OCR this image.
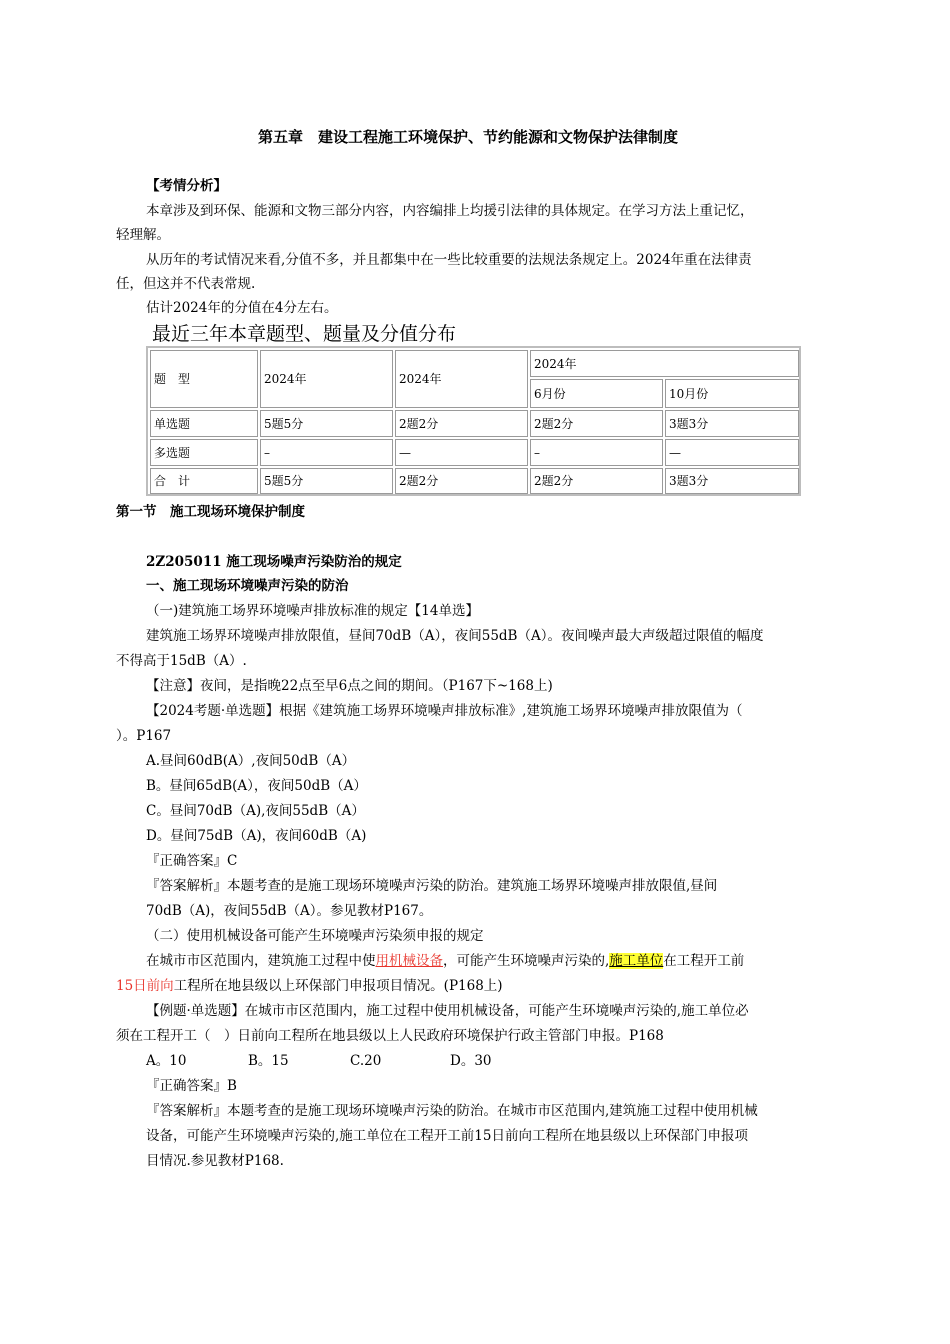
第五章　建设工程施工环境保护、节约能源和文物保护法律制度
【考情分析】
本章涉及到环保、能源和文物三部分内容，内容编排上均援引法律的具体规定。在学习方法上重记忆，
轻理解。
从历年的考试情况来看,分值不多，并且都集中在一些比较重要的法规法条规定上。2024年重在法律责
任，但这并不代表常规.
估计2024年的分值在4分左右。
最近三年本章题型、题量及分值分布
题　型	2024年	2024年
2024年
6月份	10月份
单选题	5题5分	2题2分	2题2分	3题3分
多选题	–	—	–	—
合　计	5题5分	2题2分	2题2分	3题3分
第一节　施工现场环境保护制度
2Z205011 施工现场噪声污染防治的规定
一、施工现场环境噪声污染的防治
（一)建筑施工场界环境噪声排放标准的规定【14单选】
建筑施工场界环境噪声排放限值，昼间70dB（A），夜间55dB（A）。夜间噪声最大声级超过限值的幅度
不得高于15dB（A）.
【注意】夜间，是指晚22点至早6点之间的期间。（P167下~168上)
【2024考题·单选题】根据《建筑施工场界环境噪声排放标准》,建筑施工场界环境噪声排放限值为（
）。P167
A.昼间60dB(A）,夜间50dB（A）
B。昼间65dB(A），夜间50dB（A）
C。昼间70dB（A),夜间55dB（A）
D。昼间75dB（A)，夜间60dB（A)
『正确答案』C
『答案解析』本题考查的是施工现场环境噪声污染的防治。建筑施工场界环境噪声排放限值,昼间
70dB（A)，夜间55dB（A）。参见教材P167。
（二）使用机械设备可能产生环境噪声污染须申报的规定
在城市市区范围内，建筑施工过程中使用机械设备，可能产生环境噪声污染的,施工单位在工程开工前
15日前向工程所在地县级以上环保部门申报项目情况。(P168上)
【例题·单选题】在城市市区范围内，施工过程中使用机械设备，可能产生环境噪声污染的,施工单位必
须在工程开工（　）日前向工程所在地县级以上人民政府环境保护行政主管部门申报。P168
A。10	B。15	C.20	D。30
『正确答案』B
『答案解析』本题考查的是施工现场环境噪声污染的防治。在城市市区范围内,建筑施工过程中使用机械
设备，可能产生环境噪声污染的,施工单位在工程开工前15日前向工程所在地县级以上环保部门申报项
目情况.参见教材P168.
